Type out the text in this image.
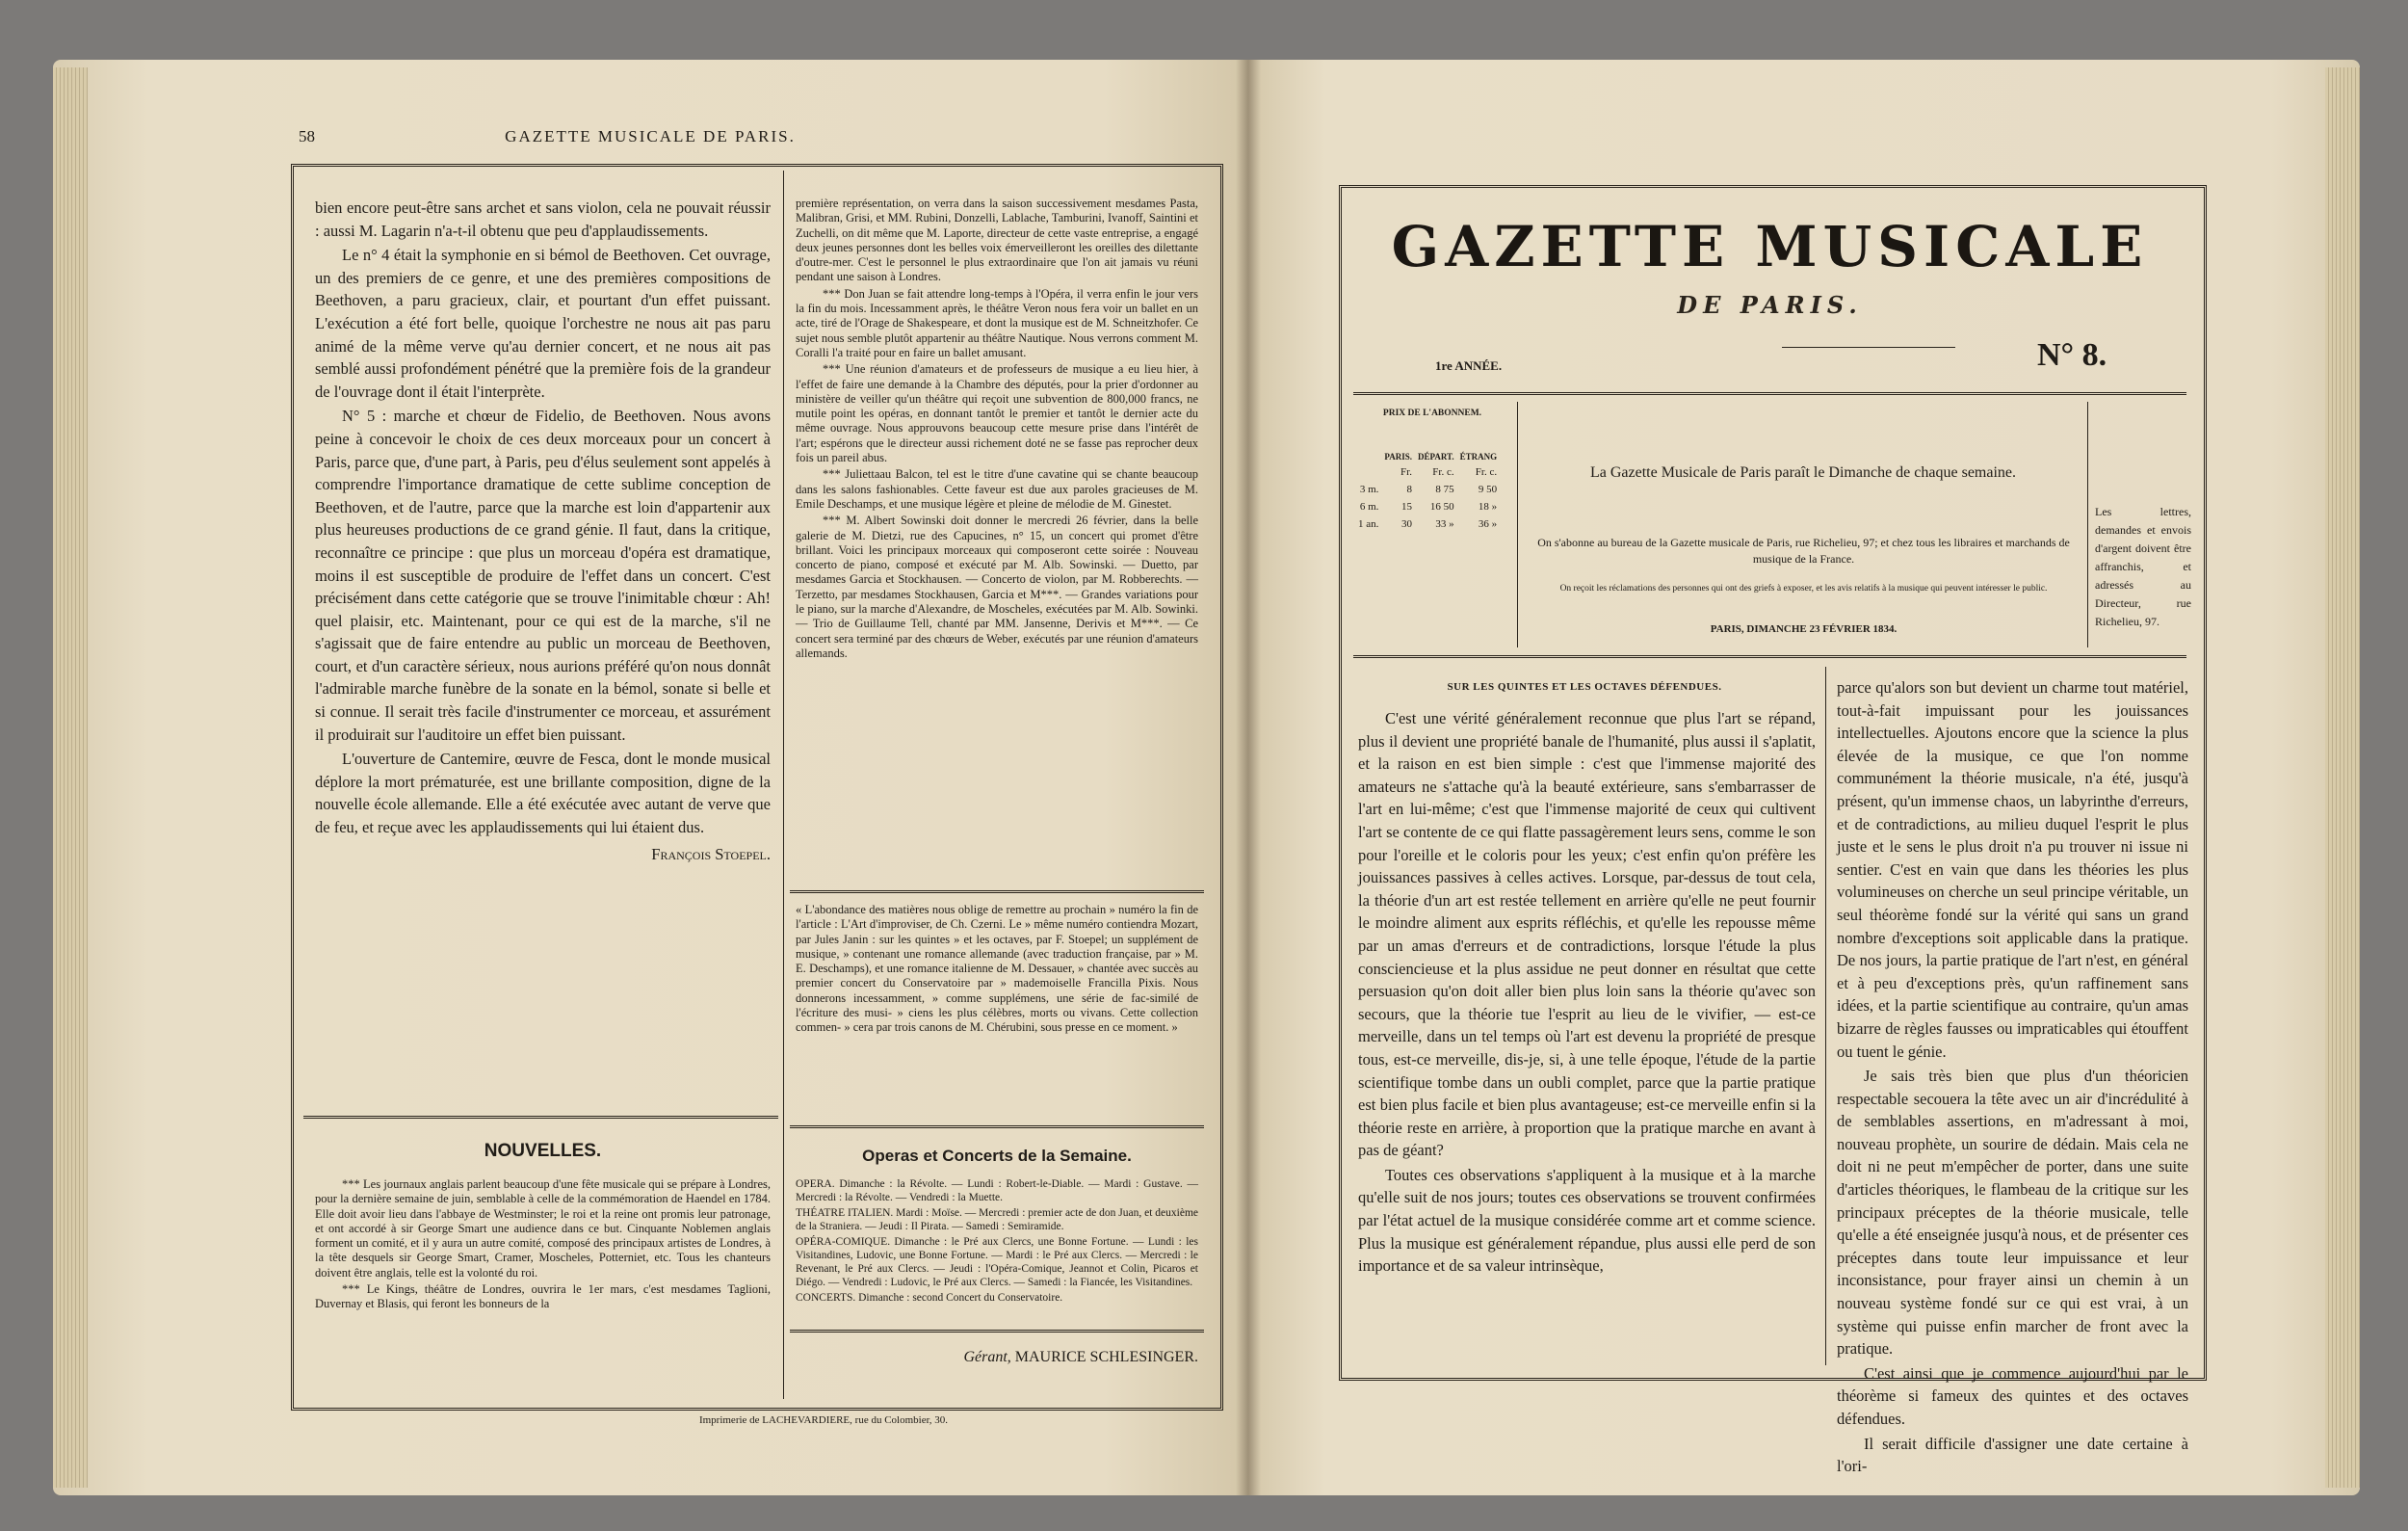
58	GAZETTE MUSICALE DE PARIS.

bien encore peut-être sans archet et sans violon, cela ne pouvait réussir : aussi M. Lagarin n'a-t-il obtenu que peu d'applaudissements.

Le n° 4 était la symphonie en si bémol de Beethoven. Cet ouvrage, un des premiers de ce genre, et une des premières compositions de Beethoven, a paru gracieux, clair, et pourtant d'un effet puissant. L'exécution a été fort belle, quoique l'orchestre ne nous ait pas paru animé de la même verve qu'au dernier concert, et ne nous ait pas semblé aussi profondément pénétré que la première fois de la grandeur de l'ouvrage dont il était l'interprète.

N° 5 : marche et chœur de Fidelio, de Beethoven. Nous avons peine à concevoir le choix de ces deux morceaux pour un concert à Paris, parce que, d'une part, à Paris, peu d'élus seulement sont appelés à comprendre l'importance dramatique de cette sublime conception de Beethoven, et de l'autre, parce que la marche est loin d'appartenir aux plus heureuses productions de ce grand génie. Il faut, dans la critique, reconnaître ce principe : que plus un morceau d'opéra est dramatique, moins il est susceptible de produire de l'effet dans un concert. C'est précisément dans cette catégorie que se trouve l'inimitable chœur : Ah! quel plaisir, etc. Maintenant, pour ce qui est de la marche, s'il ne s'agissait que de faire entendre au public un morceau de Beethoven, court, et d'un caractère sérieux, nous aurions préféré qu'on nous donnât l'admirable marche funèbre de la sonate en la bémol, sonate si belle et si connue. Il serait très facile d'instrumenter ce morceau, et assurément il produirait sur l'auditoire un effet bien puissant.

L'ouverture de Cantemire, œuvre de Fesca, dont le monde musical déplore la mort prématurée, est une brillante composition, digne de la nouvelle école allemande. Elle a été exécutée avec autant de verve que de feu, et reçue avec les applaudissements qui lui étaient dus.

François Stoepel.

NOUVELLES.

*** Les journaux anglais parlent beaucoup d'une fête musicale qui se prépare à Londres, pour la dernière semaine de juin, semblable à celle de la commémoration de Haendel en 1784. Elle doit avoir lieu dans l'abbaye de Westminster; le roi et la reine ont promis leur patronage, et ont accordé à sir George Smart une audience dans ce but. Cinquante Noblemen anglais forment un comité, et il y aura un autre comité, composé des principaux artistes de Londres, à la tête desquels sir George Smart, Cramer, Moscheles, Potterniet, etc. Tous les chanteurs doivent être anglais, telle est la volonté du roi.

*** Le Kings, théâtre de Londres, ouvrira le 1er mars, c'est mesdames Taglioni, Duvernay et Blasis, qui feront les bonneurs de la

première représentation, on verra dans la saison successivement mesdames Pasta, Malibran, Grisi, et MM. Rubini, Donzelli, Lablache, Tamburini, Ivanoff, Saintini et Zuchelli, on dit même que M. Laporte, directeur de cette vaste entreprise, a engagé deux jeunes personnes dont les belles voix émerveilleront les oreilles des dilettante d'outre-mer. C'est le personnel le plus extraordinaire que l'on ait jamais vu réuni pendant une saison à Londres.

*** Don Juan se fait attendre long-temps à l'Opéra, il verra enfin le jour vers la fin du mois. Incessamment après, le théâtre Veron nous fera voir un ballet en un acte, tiré de l'Orage de Shakespeare, et dont la musique est de M. Schneitzhofer. Ce sujet nous semble plutôt appartenir au théâtre Nautique. Nous verrons comment M. Coralli l'a traité pour en faire un ballet amusant.

*** Une réunion d'amateurs et de professeurs de musique a eu lieu hier, à l'effet de faire une demande à la Chambre des députés, pour la prier d'ordonner au ministère de veiller qu'un théâtre qui reçoit une subvention de 800,000 francs, ne mutile point les opéras, en donnant tantôt le premier et tantôt le dernier acte du même ouvrage. Nous approuvons beaucoup cette mesure prise dans l'intérêt de l'art; espérons que le directeur aussi richement doté ne se fasse pas reprocher deux fois un pareil abus.

*** Juliettaau Balcon, tel est le titre d'une cavatine qui se chante beaucoup dans les salons fashionables. Cette faveur est due aux paroles gracieuses de M. Emile Deschamps, et une musique légère et pleine de mélodie de M. Ginestet.

*** M. Albert Sowinski doit donner le mercredi 26 février, dans la belle galerie de M. Dietzi, rue des Capucines, n° 15, un concert qui promet d'être brillant. Voici les principaux morceaux qui composeront cette soirée : Nouveau concerto de piano, composé et exécuté par M. Alb. Sowinski. — Duetto, par mesdames Garcia et Stockhausen. — Concerto de violon, par M. Robberechts. — Terzetto, par mesdames Stockhausen, Garcia et M***. — Grandes variations pour le piano, sur la marche d'Alexandre, de Moscheles, exécutées par M. Alb. Sowinki. — Trio de Guillaume Tell, chanté par MM. Jansenne, Derivis et M***. — Ce concert sera terminé par des chœurs de Weber, exécutés par une réunion d'amateurs allemands.

« L'abondance des matières nous oblige de remettre au prochain » numéro la fin de l'article : L'Art d'improviser, de Ch. Czerni. Le » même numéro contiendra Mozart, par Jules Janin : sur les quintes » et les octaves, par F. Stoepel; un supplément de musique, » contenant une romance allemande (avec traduction française, par » M. E. Deschamps), et une romance italienne de M. Dessauer, » chantée avec succès au premier concert du Conservatoire par » mademoiselle Francilla Pixis. Nous donnerons incessamment, » comme supplémens, une série de fac-similé de l'écriture des musi- » ciens les plus célèbres, morts ou vivans. Cette collection commen- » cera par trois canons de M. Chérubini, sous presse en ce moment. »
Operas et Concerts de la Semaine.

OPERA. Dimanche : la Révolte. — Lundi : Robert-le-Diable. — Mardi : Gustave. — Mercredi : la Révolte. — Vendredi : la Muette.

THÉATRE ITALIEN. Mardi : Moïse. — Mercredi : premier acte de don Juan, et deuxième de la Straniera. — Jeudi : Il Pirata. — Samedi : Semiramide.

OPÉRA-COMIQUE. Dimanche : le Pré aux Clercs, une Bonne Fortune. — Lundi : les Visitandines, Ludovic, une Bonne Fortune. — Mardi : le Pré aux Clercs. — Mercredi : le Revenant, le Pré aux Clercs. — Jeudi : l'Opéra-Comique, Jeannot et Colin, Picaros et Diégo. — Vendredi : Ludovic, le Pré aux Clercs. — Samedi : la Fiancée, les Visitandines.

CONCERTS. Dimanche : second Concert du Conservatoire.

Gérant, MAURICE SCHLESINGER.
Imprimerie de LACHEVARDIERE, rue du Colombier, 30.
GAZETTE MUSICALE
DE PARIS.
1re ANNÉE.	N° 8.
PRIX DE L'ABONNEM.
	PARIS.	DÉPART.	ÉTRANG
	Fr.	Fr. c.	Fr. c.
3 m.	8	8 75	9 50
6 m.	15	16 50	18 »
1 an.	30	33 »	36 »
La Gazette Musicale de Paris paraît le Dimanche de chaque semaine.
On s'abonne au bureau de la Gazette musicale de Paris, rue Richelieu, 97; et chez tous les libraires et marchands de musique de la France.
On reçoit les réclamations des personnes qui ont des griefs à exposer, et les avis relatifs à la musique qui peuvent intéresser le public.
PARIS, DIMANCHE 23 FÉVRIER 1834.
Les lettres, demandes et envois d'argent doivent être affranchis, et adressés au Directeur, rue Richelieu, 97.
SUR LES QUINTES ET LES OCTAVES DÉFENDUES.

C'est une vérité généralement reconnue que plus l'art se répand, plus il devient une propriété banale de l'humanité, plus aussi il s'aplatit, et la raison en est bien simple : c'est que l'immense majorité des amateurs ne s'attache qu'à la beauté extérieure, sans s'embarrasser de l'art en lui-même; c'est que l'immense majorité de ceux qui cultivent l'art se contente de ce qui flatte passagèrement leurs sens, comme le son pour l'oreille et le coloris pour les yeux; c'est enfin qu'on préfère les jouissances passives à celles actives. Lorsque, par-dessus de tout cela, la théorie d'un art est restée tellement en arrière qu'elle ne peut fournir le moindre aliment aux esprits réfléchis, et qu'elle les repousse même par un amas d'erreurs et de contradictions, lorsque l'étude la plus consciencieuse et la plus assidue ne peut donner en résultat que cette persuasion qu'on doit aller bien plus loin sans la théorie qu'avec son secours, que la théorie tue l'esprit au lieu de le vivifier, — est-ce merveille, dans un tel temps où l'art est devenu la propriété de presque tous, est-ce merveille, dis-je, si, à une telle époque, l'étude de la partie scientifique tombe dans un oubli complet, parce que la partie pratique est bien plus facile et bien plus avantageuse; est-ce merveille enfin si la théorie reste en arrière, à proportion que la pratique marche en avant à pas de géant?

Toutes ces observations s'appliquent à la musique et à la marche qu'elle suit de nos jours; toutes ces observations se trouvent confirmées par l'état actuel de la musique considérée comme art et comme science. Plus la musique est généralement répandue, plus aussi elle perd de son importance et de sa valeur intrinsèque,

parce qu'alors son but devient un charme tout matériel, tout-à-fait impuissant pour les jouissances intellectuelles. Ajoutons encore que la science la plus élevée de la musique, ce que l'on nomme communément la théorie musicale, n'a été, jusqu'à présent, qu'un immense chaos, un labyrinthe d'erreurs, et de contradictions, au milieu duquel l'esprit le plus juste et le sens le plus droit n'a pu trouver ni issue ni sentier. C'est en vain que dans les théories les plus volumineuses on cherche un seul principe véritable, un seul théorème fondé sur la vérité qui sans un grand nombre d'exceptions soit applicable dans la pratique. De nos jours, la partie pratique de l'art n'est, en général et à peu d'exceptions près, qu'un raffinement sans idées, et la partie scientifique au contraire, qu'un amas bizarre de règles fausses ou impraticables qui étouffent ou tuent le génie.

Je sais très bien que plus d'un théoricien respectable secouera la tête avec un air d'incrédulité à de semblables assertions, en m'adressant à moi, nouveau prophète, un sourire de dédain. Mais cela ne doit ni ne peut m'empêcher de porter, dans une suite d'articles théoriques, le flambeau de la critique sur les principaux préceptes de la théorie musicale, telle qu'elle a été enseignée jusqu'à nous, et de présenter ces préceptes dans toute leur impuissance et leur inconsistance, pour frayer ainsi un chemin à un nouveau système fondé sur ce qui est vrai, à un système qui puisse enfin marcher de front avec la pratique.

C'est ainsi que je commence aujourd'hui par le théorème si fameux des quintes et des octaves défendues.

Il serait difficile d'assigner une date certaine à l'ori-
